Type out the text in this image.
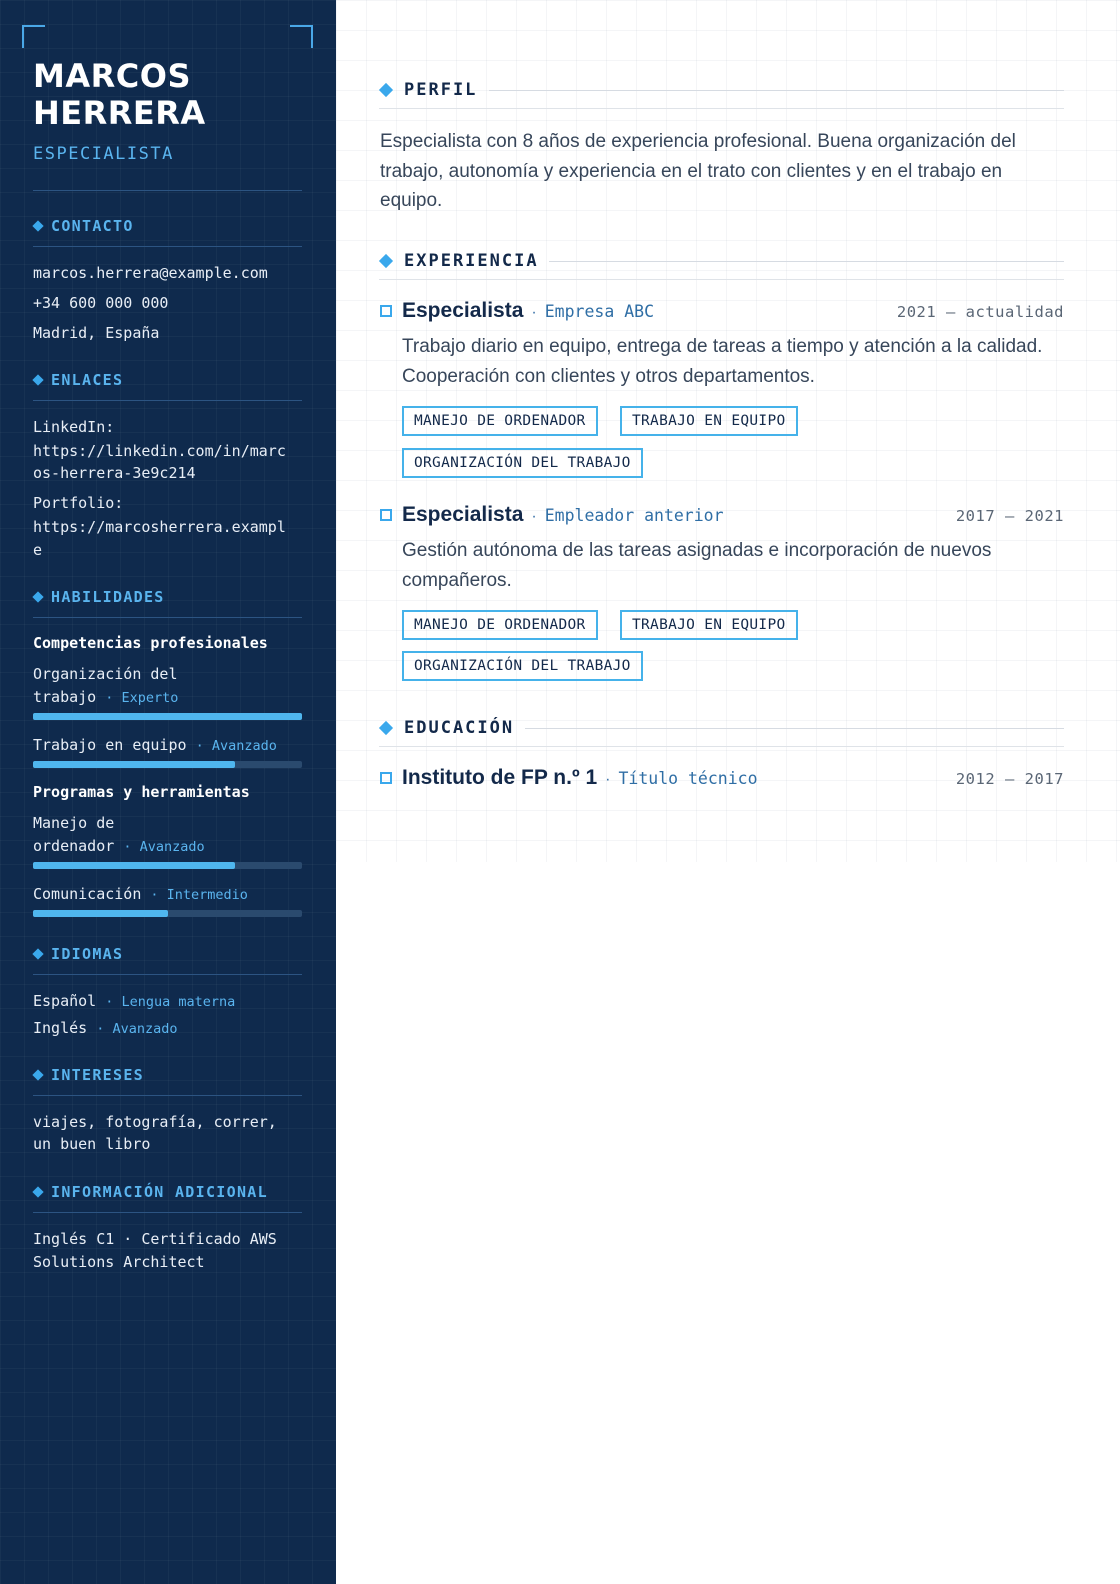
MARCOS HERRERA
ESPECIALISTA
CONTACTO
marcos.herrera@example.com
+34 600 000 000
Madrid, España
ENLACES
LinkedIn:
https://linkedin.com/in/marc
os-herrera-3e9c214
Portfolio:
https://marcosherrera.exampl
e
HABILIDADES
Competencias profesionales
Organización del
trabajo · Experto
Trabajo en equipo · Avanzado
Programas y herramientas
Manejo de
ordenador · Avanzado
Comunicación · Intermedio
IDIOMAS
Español · Lengua materna
Inglés · Avanzado
INTERESES
viajes, fotografía, correr,
un buen libro
INFORMACIÓN ADICIONAL
Inglés C1 · Certificado AWS
Solutions Architect
PERFIL
Especialista con 8 años de experiencia profesional. Buena organización del trabajo, autonomía y experiencia en el trato con clientes y en el trabajo en equipo.
EXPERIENCIA
Especialista · Empresa ABC	2021 — actualidad
Trabajo diario en equipo, entrega de tareas a tiempo y atención a la calidad. Cooperación con clientes y otros departamentos.
MANEJO DE ORDENADOR	TRABAJO EN EQUIPO
ORGANIZACIÓN DEL TRABAJO
Especialista · Empleador anterior	2017 — 2021
Gestión autónoma de las tareas asignadas e incorporación de nuevos compañeros.
MANEJO DE ORDENADOR	TRABAJO EN EQUIPO
ORGANIZACIÓN DEL TRABAJO
EDUCACIÓN
Instituto de FP n.º 1 · Título técnico	2012 — 2017
